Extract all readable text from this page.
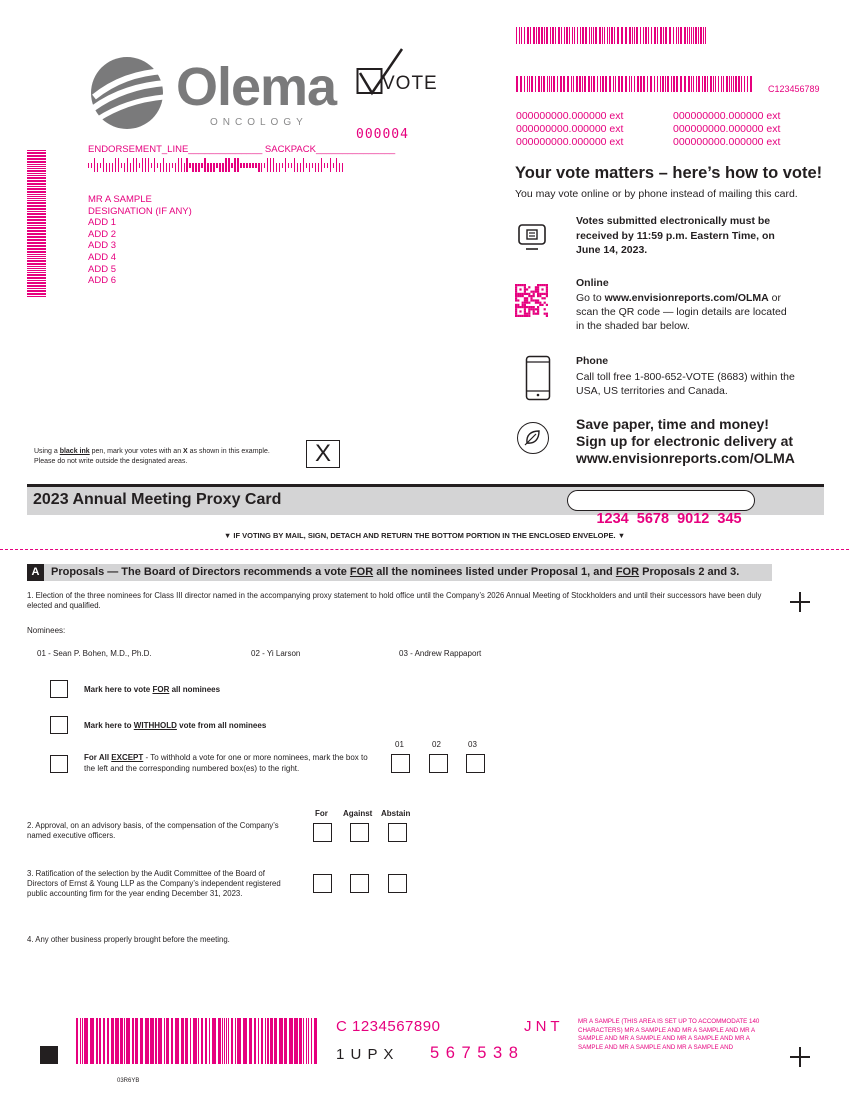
Olema
ONCOLOGY
VOTE
000004
C123456789
000000000.000000 ext	000000000.000000 ext
000000000.000000 ext	000000000.000000 ext
000000000.000000 ext	000000000.000000 ext
ENDORSEMENT_LINE______________ SACKPACK_______________
MR A SAMPLE
DESIGNATION (IF ANY)
ADD 1
ADD 2
ADD 3
ADD 4
ADD 5
ADD 6
Your vote matters – here’s how to vote!
You may vote online or by phone instead of mailing this card.
Votes submitted electronically must be received by 11:59 p.m. Eastern Time, on June 14, 2023.
Online
Go to www.envisionreports.com/OLMA or scan the QR code — login details are located in the shaded bar below.
Phone
Call toll free 1-800-652-VOTE (8683) within the USA, US territories and Canada.
Save paper, time and money!
Sign up for electronic delivery at
www.envisionreports.com/OLMA
Using a black ink pen, mark your votes with an X as shown in this example.
Please do not write outside the designated areas.	X
2023 Annual Meeting Proxy Card

1234  5678  9012  345

▼ IF VOTING BY MAIL, SIGN, DETACH AND RETURN THE BOTTOM PORTION IN THE ENCLOSED ENVELOPE. ▼
A	Proposals — The Board of Directors recommends a vote FOR all the nominees listed under Proposal 1, and FOR Proposals 2 and 3.
1. Election of the three nominees for Class III director named in the accompanying proxy statement to hold office until the Company’s 2026 Annual Meeting of Stockholders and until their successors have been duly elected and qualified.
Nominees:
01 - Sean P. Bohen, M.D., Ph.D.	02 - Yi Larson	03 - Andrew Rappaport
Mark here to vote FOR all nominees
Mark here to WITHHOLD vote from all nominees
For All EXCEPT - To withhold a vote for one or more nominees, mark the box to the left and the corresponding numbered box(es) to the right.
01	02	03
For Against Abstain
2. Approval, on an advisory basis, of the compensation of the Company’s named executive officers.
3. Ratification of the selection by the Audit Committee of the Board of Directors of Ernst & Young LLP as the Company’s independent registered public accounting firm for the year ending December 31, 2023.
4. Any other business properly brought before the meeting.
C 1234567890	J N T
1 U P X 5 6 7 5 3 8
MR A SAMPLE (THIS AREA IS SET UP TO ACCOMMODATE 140 CHARACTERS) MR A SAMPLE AND MR A SAMPLE AND MR A SAMPLE AND MR A SAMPLE AND MR A SAMPLE AND MR A SAMPLE AND MR A SAMPLE AND MR A SAMPLE AND
03R6YB
